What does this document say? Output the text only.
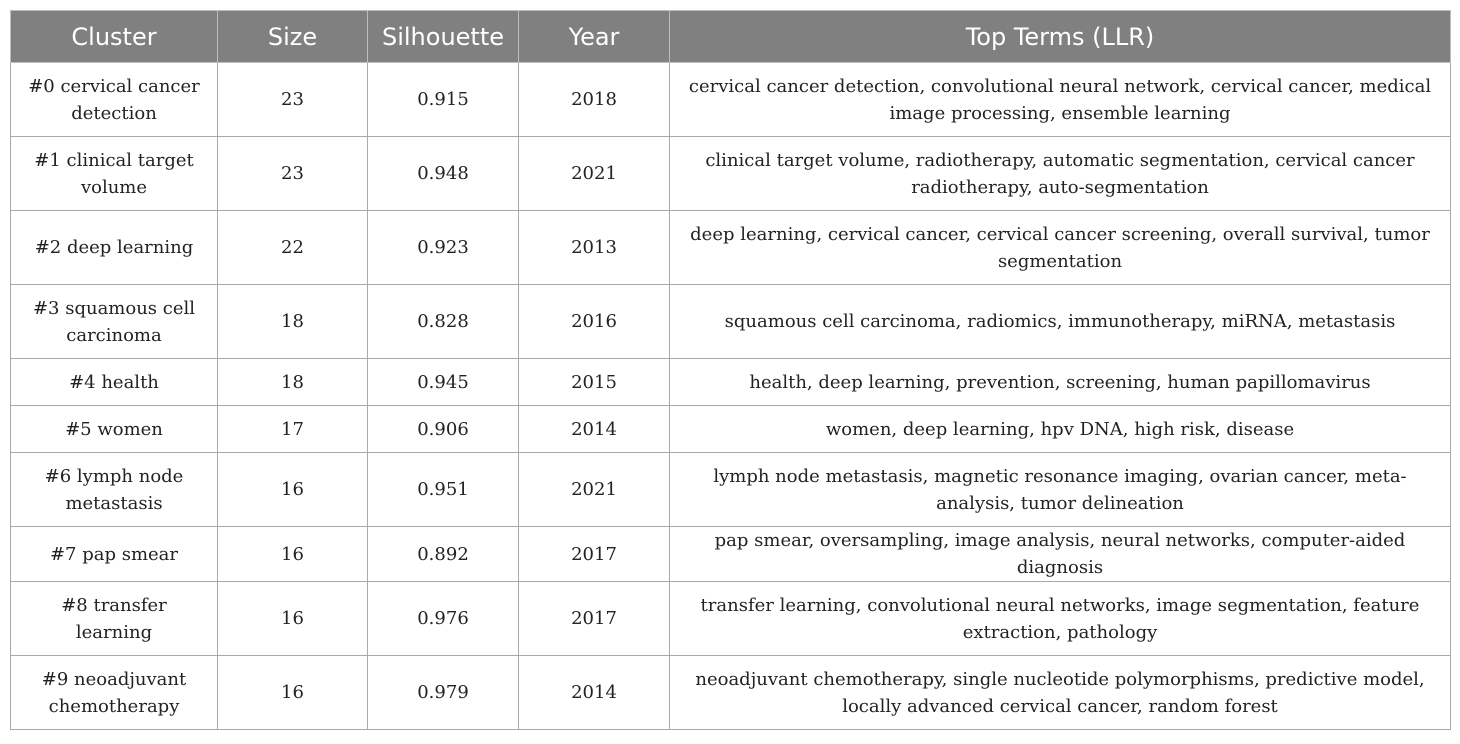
Cluster	Size	Silhouette	Year	Top Terms (LLR)
#0 cervical cancer detection	23	0.915	2018	cervical cancer detection, convolutional neural network, cervical cancer, medical image processing, ensemble learning
#1 clinical target volume	23	0.948	2021	clinical target volume, radiotherapy, automatic segmentation, cervical cancer radiotherapy, auto-segmentation
#2 deep learning	22	0.923	2013	deep learning, cervical cancer, cervical cancer screening, overall survival, tumor segmentation
#3 squamous cell carcinoma	18	0.828	2016	squamous cell carcinoma, radiomics, immunotherapy, miRNA, metastasis
#4 health	18	0.945	2015	health, deep learning, prevention, screening, human papillomavirus
#5 women	17	0.906	2014	women, deep learning, hpv DNA, high risk, disease
#6 lymph node metastasis	16	0.951	2021	lymph node metastasis, magnetic resonance imaging, ovarian cancer, meta-analysis, tumor delineation
#7 pap smear	16	0.892	2017	pap smear, oversampling, image analysis, neural networks, computer-aided diagnosis
#8 transfer learning	16	0.976	2017	transfer learning, convolutional neural networks, image segmentation, feature extraction, pathology
#9 neoadjuvant chemotherapy	16	0.979	2014	neoadjuvant chemotherapy, single nucleotide polymorphisms, predictive model, locally advanced cervical cancer, random forest
